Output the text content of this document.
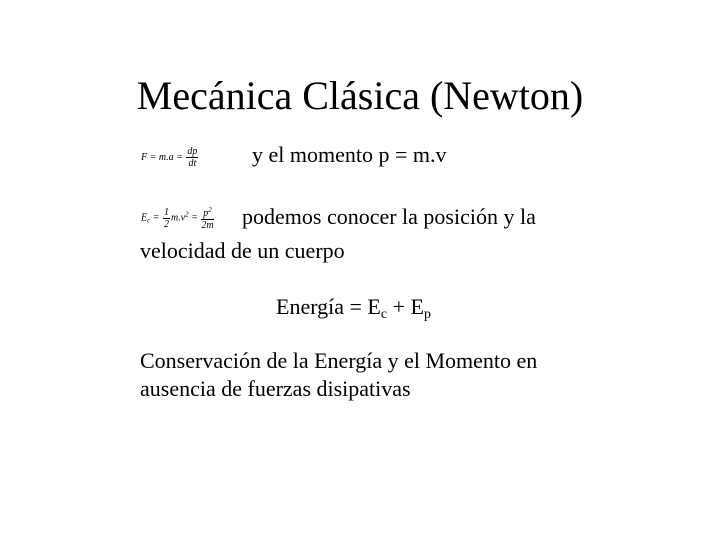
Mecánica Clásica (Newton)
$F = m.a = \frac{dp}{dt}$ y el momento p = m.v
$E_c = \frac{1}{2} m.v^2 = \frac{p^2}{2m}$ podemos conocer la posición y la
velocidad de un cuerpo
Energía = Ec + Ep
Conservación de la Energía y el Momento en
ausencia de fuerzas disipativas
